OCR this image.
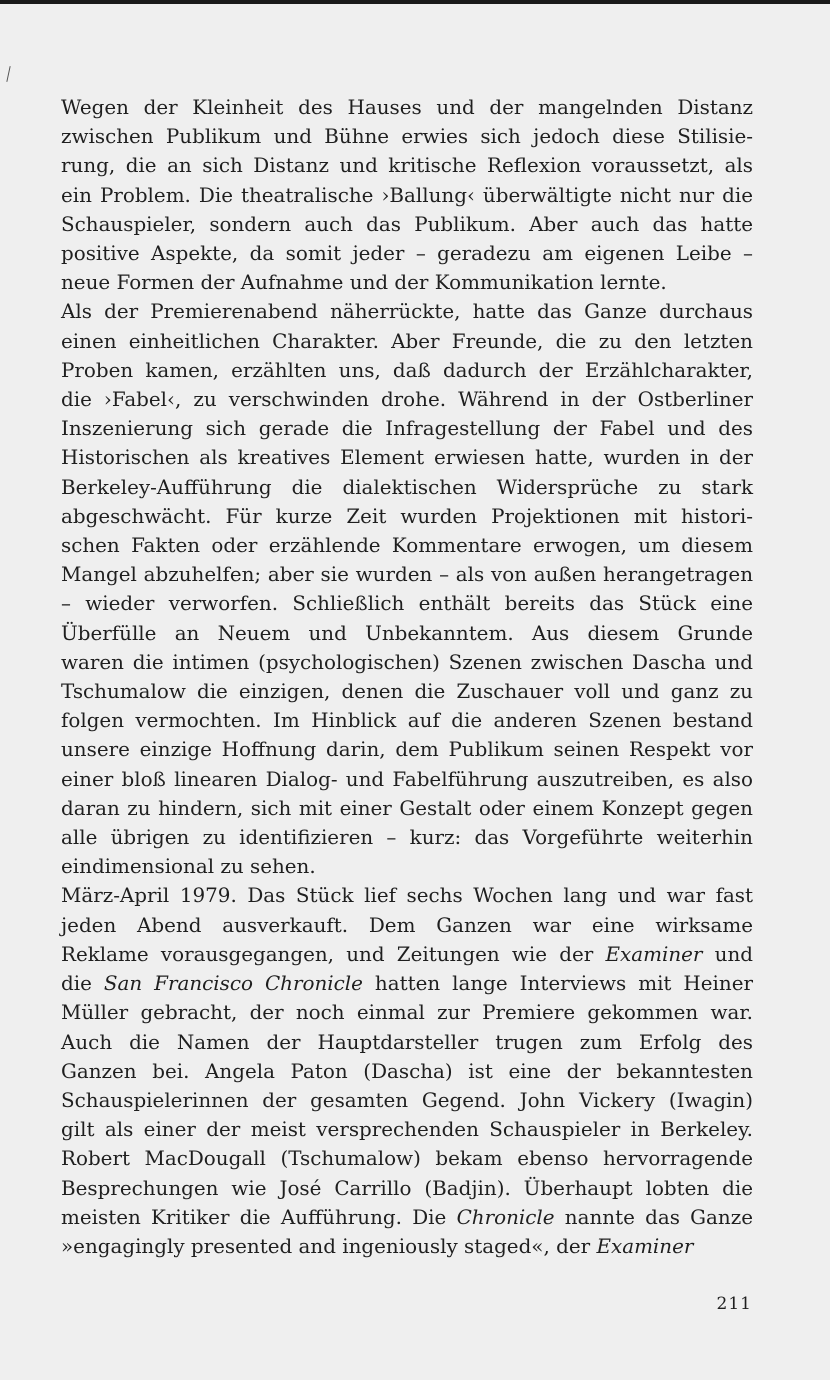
Wegen der Kleinheit des Hauses und der mangelnden Distanz
zwischen Publikum und Bühne erwies sich jedoch diese Stilisie-
rung, die an sich Distanz und kritische Reflexion voraussetzt, als
ein Problem. Die theatralische ›Ballung‹ überwältigte nicht nur die
Schauspieler, sondern auch das Publikum. Aber auch das hatte
positive Aspekte, da somit jeder – geradezu am eigenen Leibe –
neue Formen der Aufnahme und der Kommunikation lernte.

Als der Premierenabend näherrückte, hatte das Ganze durchaus
einen einheitlichen Charakter. Aber Freunde, die zu den letzten
Proben kamen, erzählten uns, daß dadurch der Erzählcharakter,
die ›Fabel‹, zu verschwinden drohe. Während in der Ostberliner
Inszenierung sich gerade die Infragestellung der Fabel und des
Historischen als kreatives Element erwiesen hatte, wurden in der
Berkeley-Aufführung die dialektischen Widersprüche zu stark
abgeschwächt. Für kurze Zeit wurden Projektionen mit histori-
schen Fakten oder erzählende Kommentare erwogen, um diesem
Mangel abzuhelfen; aber sie wurden – als von außen herangetragen
– wieder verworfen. Schließlich enthält bereits das Stück eine
Überfülle an Neuem und Unbekanntem. Aus diesem Grunde
waren die intimen (psychologischen) Szenen zwischen Dascha und
Tschumalow die einzigen, denen die Zuschauer voll und ganz zu
folgen vermochten. Im Hinblick auf die anderen Szenen bestand
unsere einzige Hoffnung darin, dem Publikum seinen Respekt vor
einer bloß linearen Dialog- und Fabelführung auszutreiben, es also
daran zu hindern, sich mit einer Gestalt oder einem Konzept gegen
alle übrigen zu identifizieren – kurz: das Vorgeführte weiterhin
eindimensional zu sehen.

März-April 1979. Das Stück lief sechs Wochen lang und war fast
jeden Abend ausverkauft. Dem Ganzen war eine wirksame
Reklame vorausgegangen, und Zeitungen wie der Examiner und
die San Francisco Chronicle hatten lange Interviews mit Heiner
Müller gebracht, der noch einmal zur Premiere gekommen war.
Auch die Namen der Hauptdarsteller trugen zum Erfolg des
Ganzen bei. Angela Paton (Dascha) ist eine der bekanntesten
Schauspielerinnen der gesamten Gegend. John Vickery (Iwagin)
gilt als einer der meist versprechenden Schauspieler in Berkeley.
Robert MacDougall (Tschumalow) bekam ebenso hervorragende
Besprechungen wie José Carrillo (Badjin). Überhaupt lobten die
meisten Kritiker die Aufführung. Die Chronicle nannte das Ganze
»engagingly presented and ingeniously staged«, der Examiner

211
